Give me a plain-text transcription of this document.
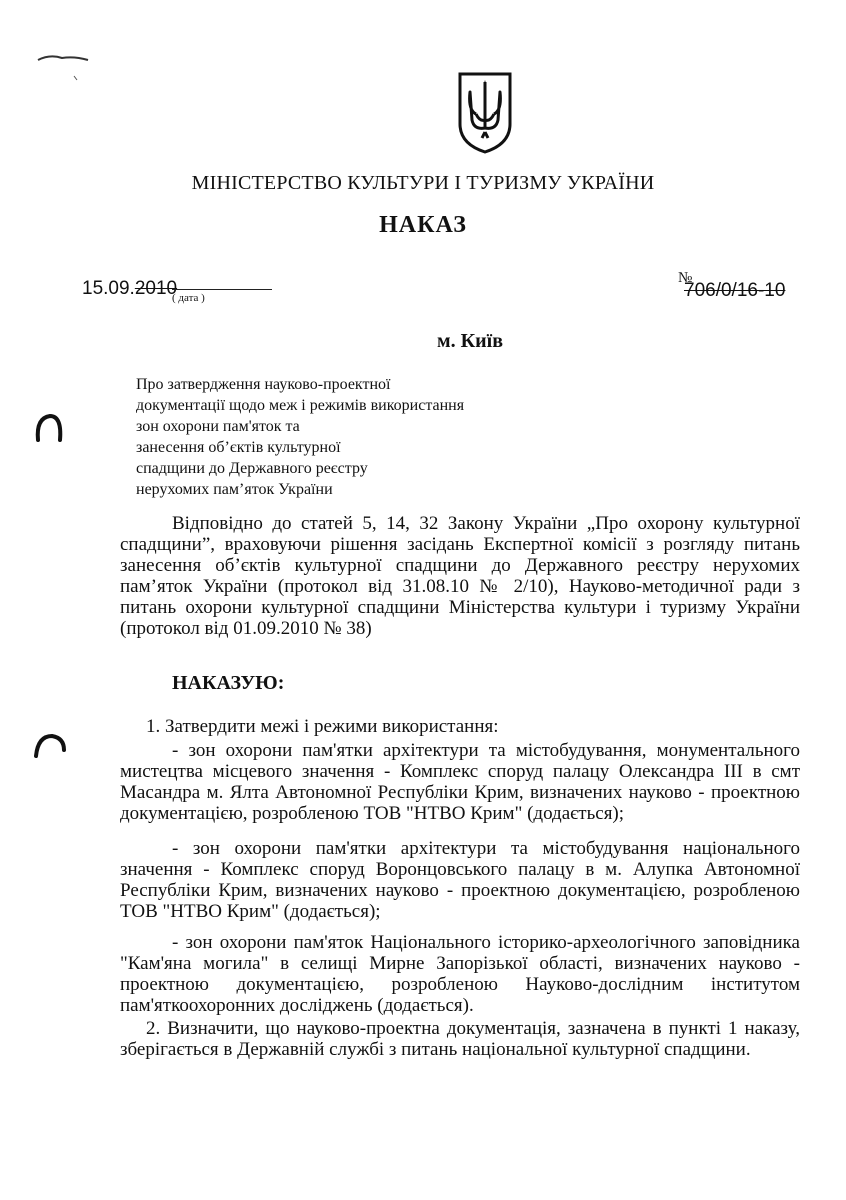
МІНІСТЕРСТВО КУЛЬТУРИ І ТУРИЗМУ УКРАЇНИ
НАКАЗ
15.09.2010
( дата )
№
706/0/16-10
м. Київ
Про затвердження науково-проектної
документації щодо меж і режимів використання
зон охорони пам'яток та
занесення об’єктів культурної
спадщини до Державного реєстру
нерухомих пам’яток України
Відповідно до статей 5, 14, 32 Закону України „Про охорону культурної спадщини”, враховуючи рішення засідань Експертної комісії з розгляду питань занесення об’єктів культурної спадщини до Державного реєстру нерухомих пам’яток України (протокол від 31.08.10 № 2/10), Науково-методичної ради з питань охорони культурної спадщини Міністерства культури і туризму України (протокол від 01.09.2010 № 38)
НАКАЗУЮ:
1. Затвердити межі і режими використання:
- зон охорони пам'ятки архітектури та містобудування, монументального мистецтва місцевого значення - Комплекс споруд палацу Олександра ІІІ в смт Масандра м. Ялта Автономної Республіки Крим, визначених науково - проектною документацією, розробленою ТОВ "НТВО Крим" (додається);
- зон охорони пам'ятки архітектури та містобудування національного значення - Комплекс споруд Воронцовського палацу в м. Алупка Автономної Республіки Крим, визначених науково - проектною документацією, розробленою ТОВ "НТВО Крим" (додається);
- зон охорони пам'яток Національного історико-археологічного заповідника "Кам'яна могила" в селищі Мирне Запорізької області, визначених науково - проектною документацією, розробленою Науково-дослідним інститутом пам'яткоохоронних досліджень (додається).
2. Визначити, що науково-проектна документація, зазначена в пункті 1 наказу, зберігається в Державній службі з питань національної культурної спадщини.
